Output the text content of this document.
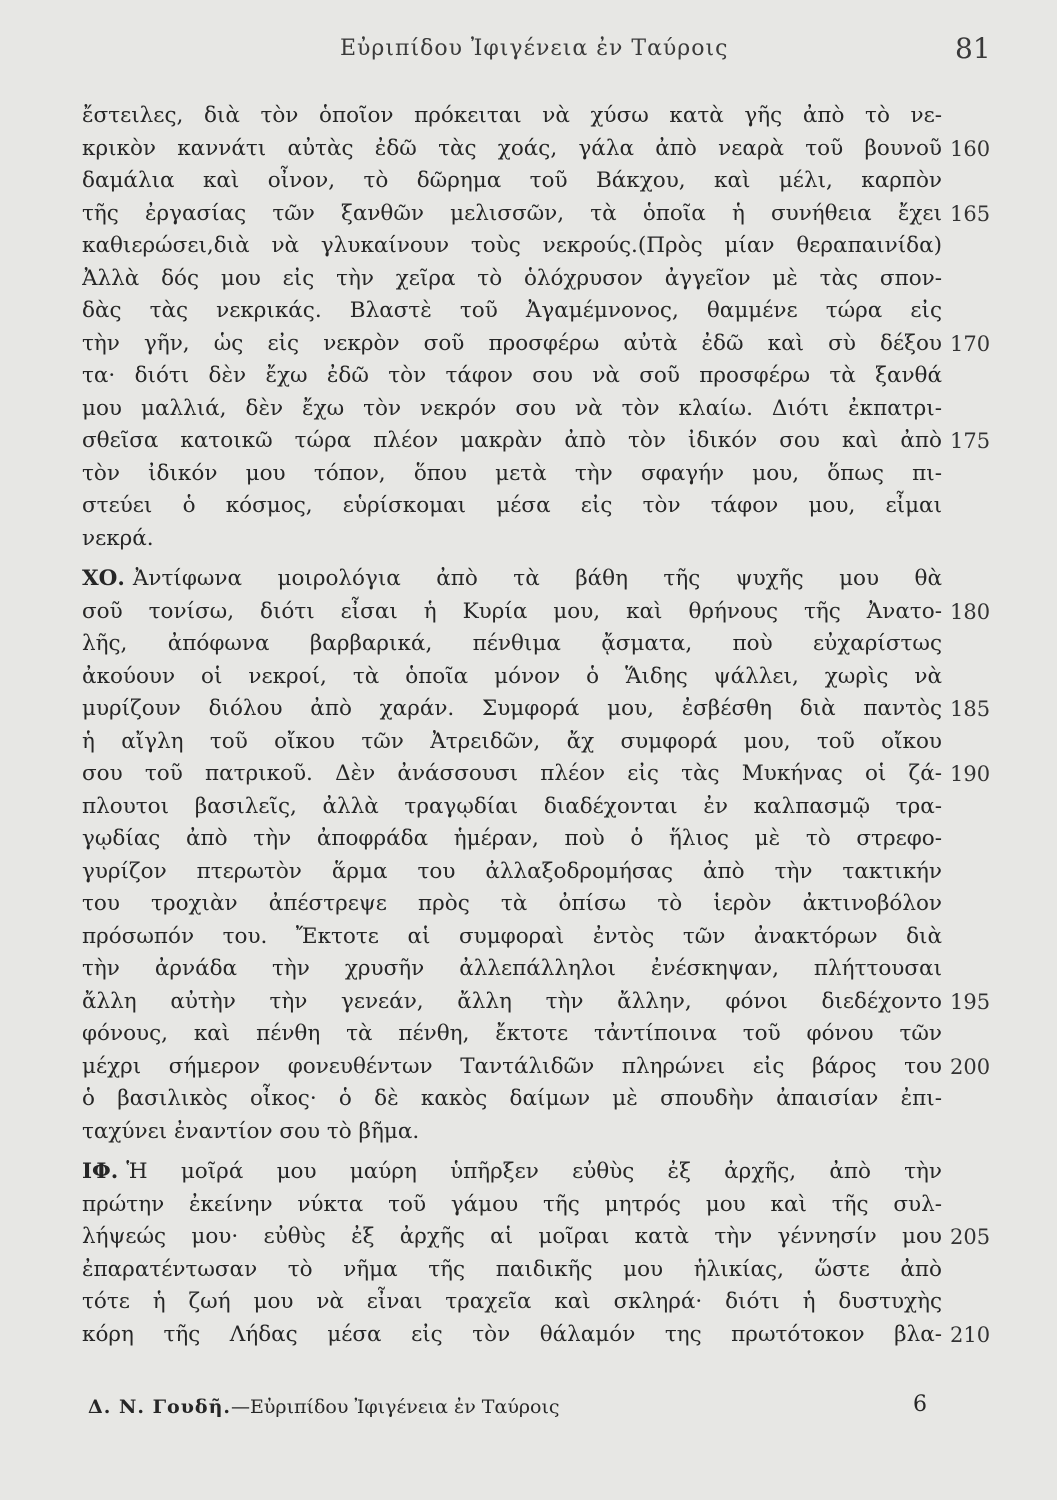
Εὐριπίδου Ἰφιγένεια ἐν Ταύροις	81
ἔστειλες, διὰ τὸν ὁποῖον πρόκειται νὰ χύσω κατὰ γῆς ἀπὸ τὸ νε-
κρικὸν καννάτι αὐτὰς ἐδῶ τὰς χοάς, γάλα ἀπὸ νεαρὰ τοῦ βουνοῦ 160
δαμάλια καὶ οἶνον, τὸ δῶρημα τοῦ Βάκχου, καὶ μέλι, καρπὸν
τῆς ἐργασίας τῶν ξανθῶν μελισσῶν, τὰ ὁποῖα ἡ συνήθεια ἔχει 165
καθιερώσει,διὰ νὰ γλυκαίνουν τοὺς νεκρούς.(Πρὸς μίαν θεραπαινίδα)
Ἀλλὰ δός μου εἰς τὴν χεῖρα τὸ ὁλόχρυσον ἀγγεῖον μὲ τὰς σπον-
δὰς τὰς νεκρικάς. Βλαστὲ τοῦ Ἀγαμέμνονος, θαμμένε τώρα εἰς
τὴν γῆν, ὡς εἰς νεκρὸν σοῦ προσφέρω αὐτὰ ἐδῶ καὶ σὺ δέξου 170
τα· διότι δὲν ἔχω ἐδῶ τὸν τάφον σου νὰ σοῦ προσφέρω τὰ ξανθά
μου μαλλιά, δὲν ἔχω τὸν νεκρόν σου νὰ τὸν κλαίω. Διότι ἐκπατρι-
σθεῖσα κατοικῶ τώρα πλέον μακρὰν ἀπὸ τὸν ἰδικόν σου καὶ ἀπὸ 175
τὸν ἰδικόν μου τόπον, ὅπου μετὰ τὴν σφαγήν μου, ὅπως πι-
στεύει ὁ κόσμος, εὑρίσκομαι μέσα εἰς τὸν τάφον μου, εἶμαι
νεκρά.
ΧΟ. Ἀντίφωνα μοιρολόγια ἀπὸ τὰ βάθη τῆς ψυχῆς μου θὰ
σοῦ τονίσω, διότι εἶσαι ἡ Κυρία μου, καὶ θρήνους τῆς Ἀνατο- 180
λῆς, ἀπόφωνα βαρβαρικά, πένθιμα ᾄσματα, ποὺ εὐχαρίστως
ἀκούουν οἱ νεκροί, τὰ ὁποῖα μόνον ὁ Ἅιδης ψάλλει, χωρὶς νὰ
μυρίζουν διόλου ἀπὸ χαράν. Συμφορά μου, ἐσβέσθη διὰ παντὸς 185
ἡ αἴγλη τοῦ οἴκου τῶν Ἀτρειδῶν, ἄχ συμφορά μου, τοῦ οἴκου
σου τοῦ πατρικοῦ. Δὲν ἀνάσσουσι πλέον εἰς τὰς Μυκήνας οἱ ζά- 190
πλουτοι βασιλεῖς, ἀλλὰ τραγῳδίαι διαδέχονται ἐν καλπασμῷ τρα-
γῳδίας ἀπὸ τὴν ἀποφράδα ἡμέραν, ποὺ ὁ ἥλιος μὲ τὸ στρεφο-
γυρίζον πτερωτὸν ἅρμα του ἀλλαξοδρομήσας ἀπὸ τὴν τακτικήν
του τροχιὰν ἀπέστρεψε πρὸς τὰ ὀπίσω τὸ ἱερὸν ἀκτινοβόλον
πρόσωπόν του. Ἔκτοτε αἱ συμφοραὶ ἐντὸς τῶν ἀνακτόρων διὰ
τὴν ἀρνάδα τὴν χρυσῆν ἀλλεπάλληλοι ἐνέσκηψαν, πλήττουσαι
ἄλλη αὐτὴν τὴν γενεάν, ἄλλη τὴν ἄλλην, φόνοι διεδέχοντο 195
φόνους, καὶ πένθη τὰ πένθη, ἔκτοτε τἀντίποινα τοῦ φόνου τῶν
μέχρι σήμερον φονευθέντων Ταντάλιδῶν πληρώνει εἰς βάρος του 200
ὁ βασιλικὸς οἶκος· ὁ δὲ κακὸς δαίμων μὲ σπουδὴν ἀπαισίαν ἐπι-
ταχύνει ἐναντίον σου τὸ βῆμα.
ΙΦ. Ἡ μοῖρά μου μαύρη ὑπῆρξεν εὐθὺς ἐξ ἀρχῆς, ἀπὸ τὴν
πρώτην ἐκείνην νύκτα τοῦ γάμου τῆς μητρός μου καὶ τῆς συλ-
λήψεώς μου· εὐθὺς ἐξ ἀρχῆς αἱ μοῖραι κατὰ τὴν γέννησίν μου 205
ἐπαρατέντωσαν τὸ νῆμα τῆς παιδικῆς μου ἡλικίας, ὥστε ἀπὸ
τότε ἡ ζωή μου νὰ εἶναι τραχεῖα καὶ σκληρά· διότι ἡ δυστυχὴς
κόρη τῆς Λήδας μέσα εἰς τὸν θάλαμόν της πρωτότοκον βλα- 210
Δ. Ν. Γουδῆ.—Εὐριπίδου Ἰφιγένεια ἐν Ταύροις	6
